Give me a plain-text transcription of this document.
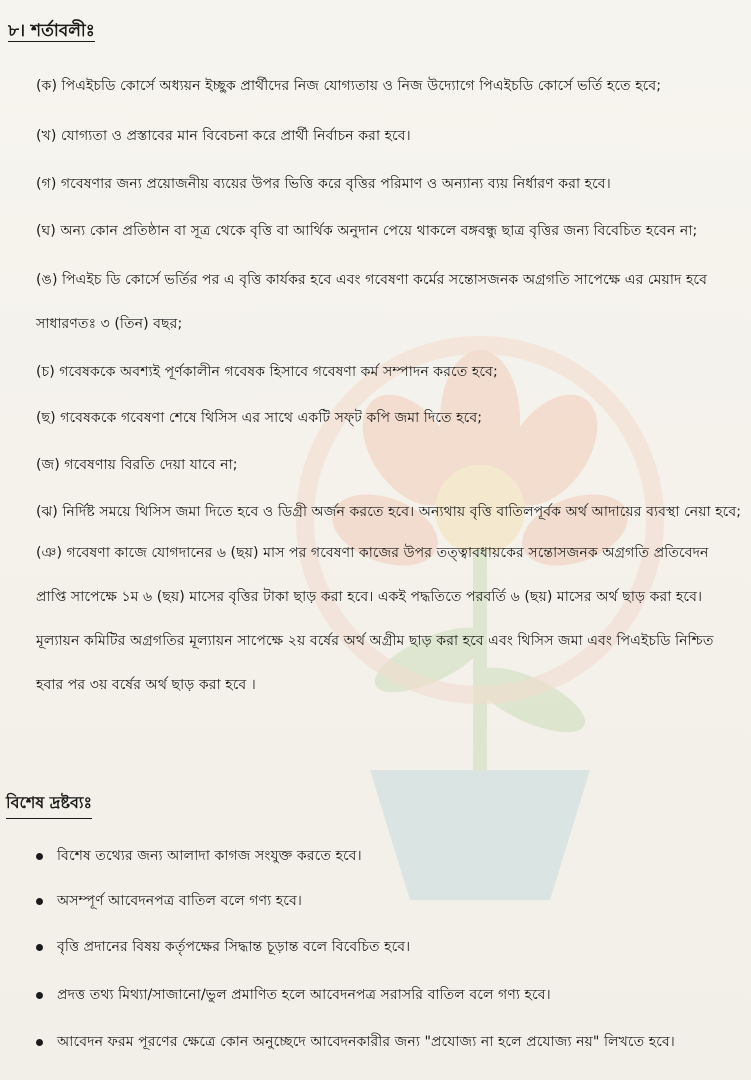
৮। শর্তাবলীঃ
(ক) পিএইচডি কোর্সে অধ্যয়ন ইচ্ছুক প্রার্থীদের নিজ যোগ্যতায় ও নিজ উদ্যোগে পিএইচডি কোর্সে ভর্তি হতে হবে;
(খ) যোগ্যতা ও প্রস্তাবের মান বিবেচনা করে প্রার্থী নির্বাচন করা হবে।
(গ) গবেষণার জন্য প্রয়োজনীয় ব্যয়ের উপর ভিত্তি করে বৃত্তির পরিমাণ ও অন্যান্য ব্যয় নির্ধারণ করা হবে।
(ঘ) অন্য কোন প্রতিষ্ঠান বা সূত্র থেকে বৃত্তি বা আর্থিক অনুদান পেয়ে থাকলে বঙ্গবন্ধু ছাত্র বৃত্তির জন্য বিবেচিত হবেন না;
(ঙ) পিএইচ ডি কোর্সে ভর্তির পর এ বৃত্তি কার্যকর হবে এবং গবেষণা কর্মের সন্তোসজনক অগ্রগতি সাপেক্ষে এর মেয়াদ হবে সাধারণতঃ ৩ (তিন) বছর;
(চ) গবেষককে অবশ্যই পূর্ণকালীন গবেষক হিসাবে গবেষণা কর্ম সম্পাদন করতে হবে;
(ছ) গবেষককে গবেষণা শেষে থিসিস এর সাথে একটি সফ্‌ট কপি জমা দিতে হবে;
(জ) গবেষণায় বিরতি দেয়া যাবে না;
(ঝ) নির্দিষ্ট সময়ে থিসিস জমা দিতে হবে ও ডিগ্রী অর্জন করতে হবে। অন্যথায় বৃত্তি বাতিলপূর্বক অর্থ আদায়ের ব্যবস্থা নেয়া হবে;
(ঞ) গবেষণা কাজে যোগদানের ৬ (ছয়) মাস পর গবেষণা কাজের উপর তত্ত্বাবধায়কের সন্তোসজনক অগ্রগতি প্রতিবেদন প্রাপ্তি সাপেক্ষে ১ম ৬ (ছয়) মাসের বৃত্তির টাকা ছাড় করা হবে। একই পদ্ধতিতে পরবর্তি ৬ (ছয়) মাসের অর্থ ছাড় করা হবে। মূল্যায়ন কমিটির অগ্রগতির মূল্যায়ন সাপেক্ষে ২য় বর্ষের অর্থ অগ্রীম ছাড় করা হবে এবং থিসিস জমা এবং পিএইচডি নিশ্চিত হবার পর ৩য় বর্ষের অর্থ ছাড় করা হবে ।
বিশেষ দ্রষ্টব্যঃ
বিশেষ তথ্যের জন্য আলাদা কাগজ সংযুক্ত করতে হবে।
অসম্পূর্ণ আবেদনপত্র বাতিল বলে গণ্য হবে।
বৃত্তি প্রদানের বিষয় কর্তৃপক্ষের সিদ্ধান্ত চূড়ান্ত বলে বিবেচিত হবে।
প্রদত্ত তথ্য মিথ্যা/সাজানো/ভুল প্রমাণিত হলে আবেদনপত্র সরাসরি বাতিল বলে গণ্য হবে।
আবেদন ফরম পূরণের ক্ষেত্রে কোন অনুচ্ছেদে আবেদনকারীর জন্য "প্রযোজ্য না হলে প্রযোজ্য নয়" লিখতে হবে।
